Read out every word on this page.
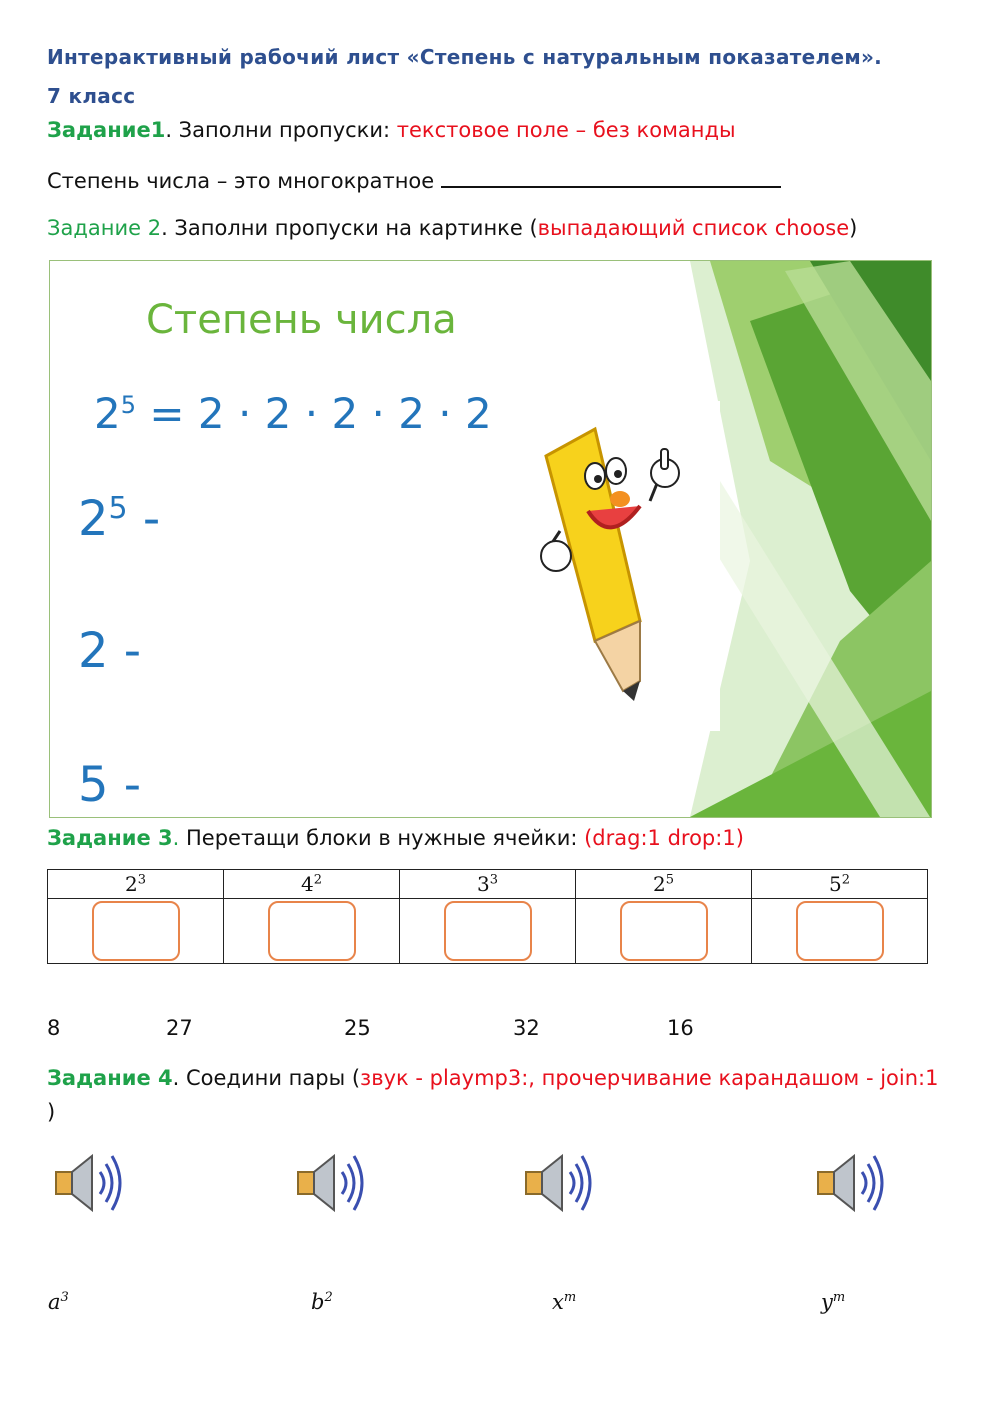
Интерактивный рабочий лист «Степень с натуральным показателем».
7 класс
Задание1. Заполни пропуски: текстовое поле – без команды
Степень числа – это многократное
Задание 2. Заполни пропуски на картинке (выпадающий список choose)
Степень числа
$2^5 = 2 \cdot 2 \cdot 2 \cdot 2 \cdot 2$
$2^5$ -
2 -
5 -
Задание 3. Перетащи блоки в нужные ячейки: (drag:1 drop:1)
$2^3$	$4^2$	$3^3$	$2^5$	$5^2$

8	27	25	32	16
Задание 4. Соедини пары (звук - playmp3:, прочерчивание карандашом - join:1
)
$a^3$	$b^2$	$x^m$	$y^m$
